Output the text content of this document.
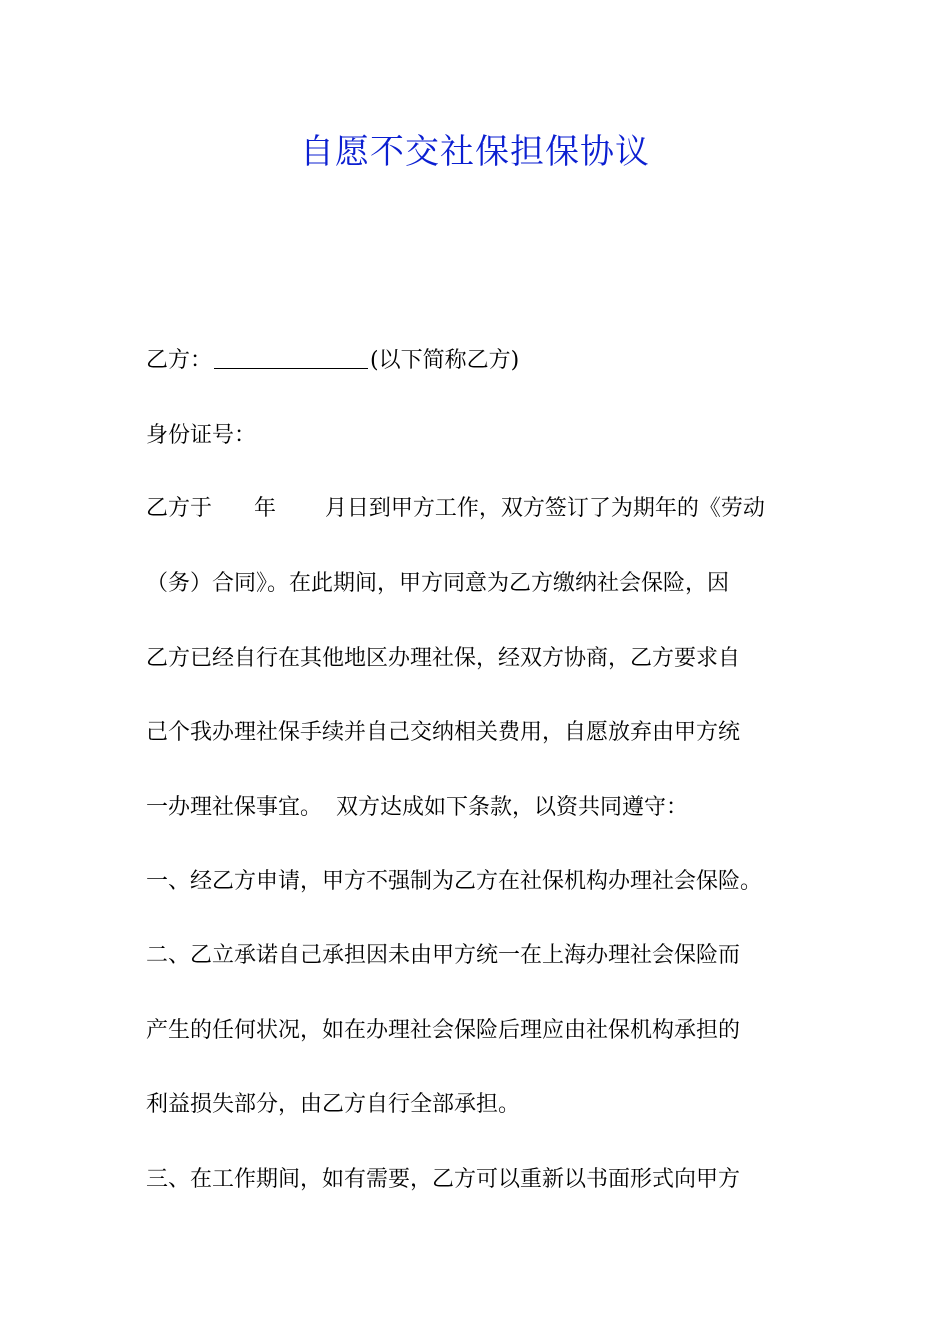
自愿不交社保担保协议
乙方：	(以下简称乙方)
身份证号：
乙方于      年       月日到甲方工作，双方签订了为期年的《劳动
（务）合同》。在此期间，甲方同意为乙方缴纳社会保险，因
乙方已经自行在其他地区办理社保，经双方协商，乙方要求自
己个我办理社保手续并自己交纳相关费用，自愿放弃由甲方统
一办理社保事宜。  双方达成如下条款，以资共同遵守：
一、经乙方申请，甲方不强制为乙方在社保机构办理社会保险。
二、乙立承诺自己承担因未由甲方统一在上海办理社会保险而
产生的任何状况，如在办理社会保险后理应由社保机构承担的
利益损失部分，由乙方自行全部承担。
三、在工作期间，如有需要，乙方可以重新以书面形式向甲方
